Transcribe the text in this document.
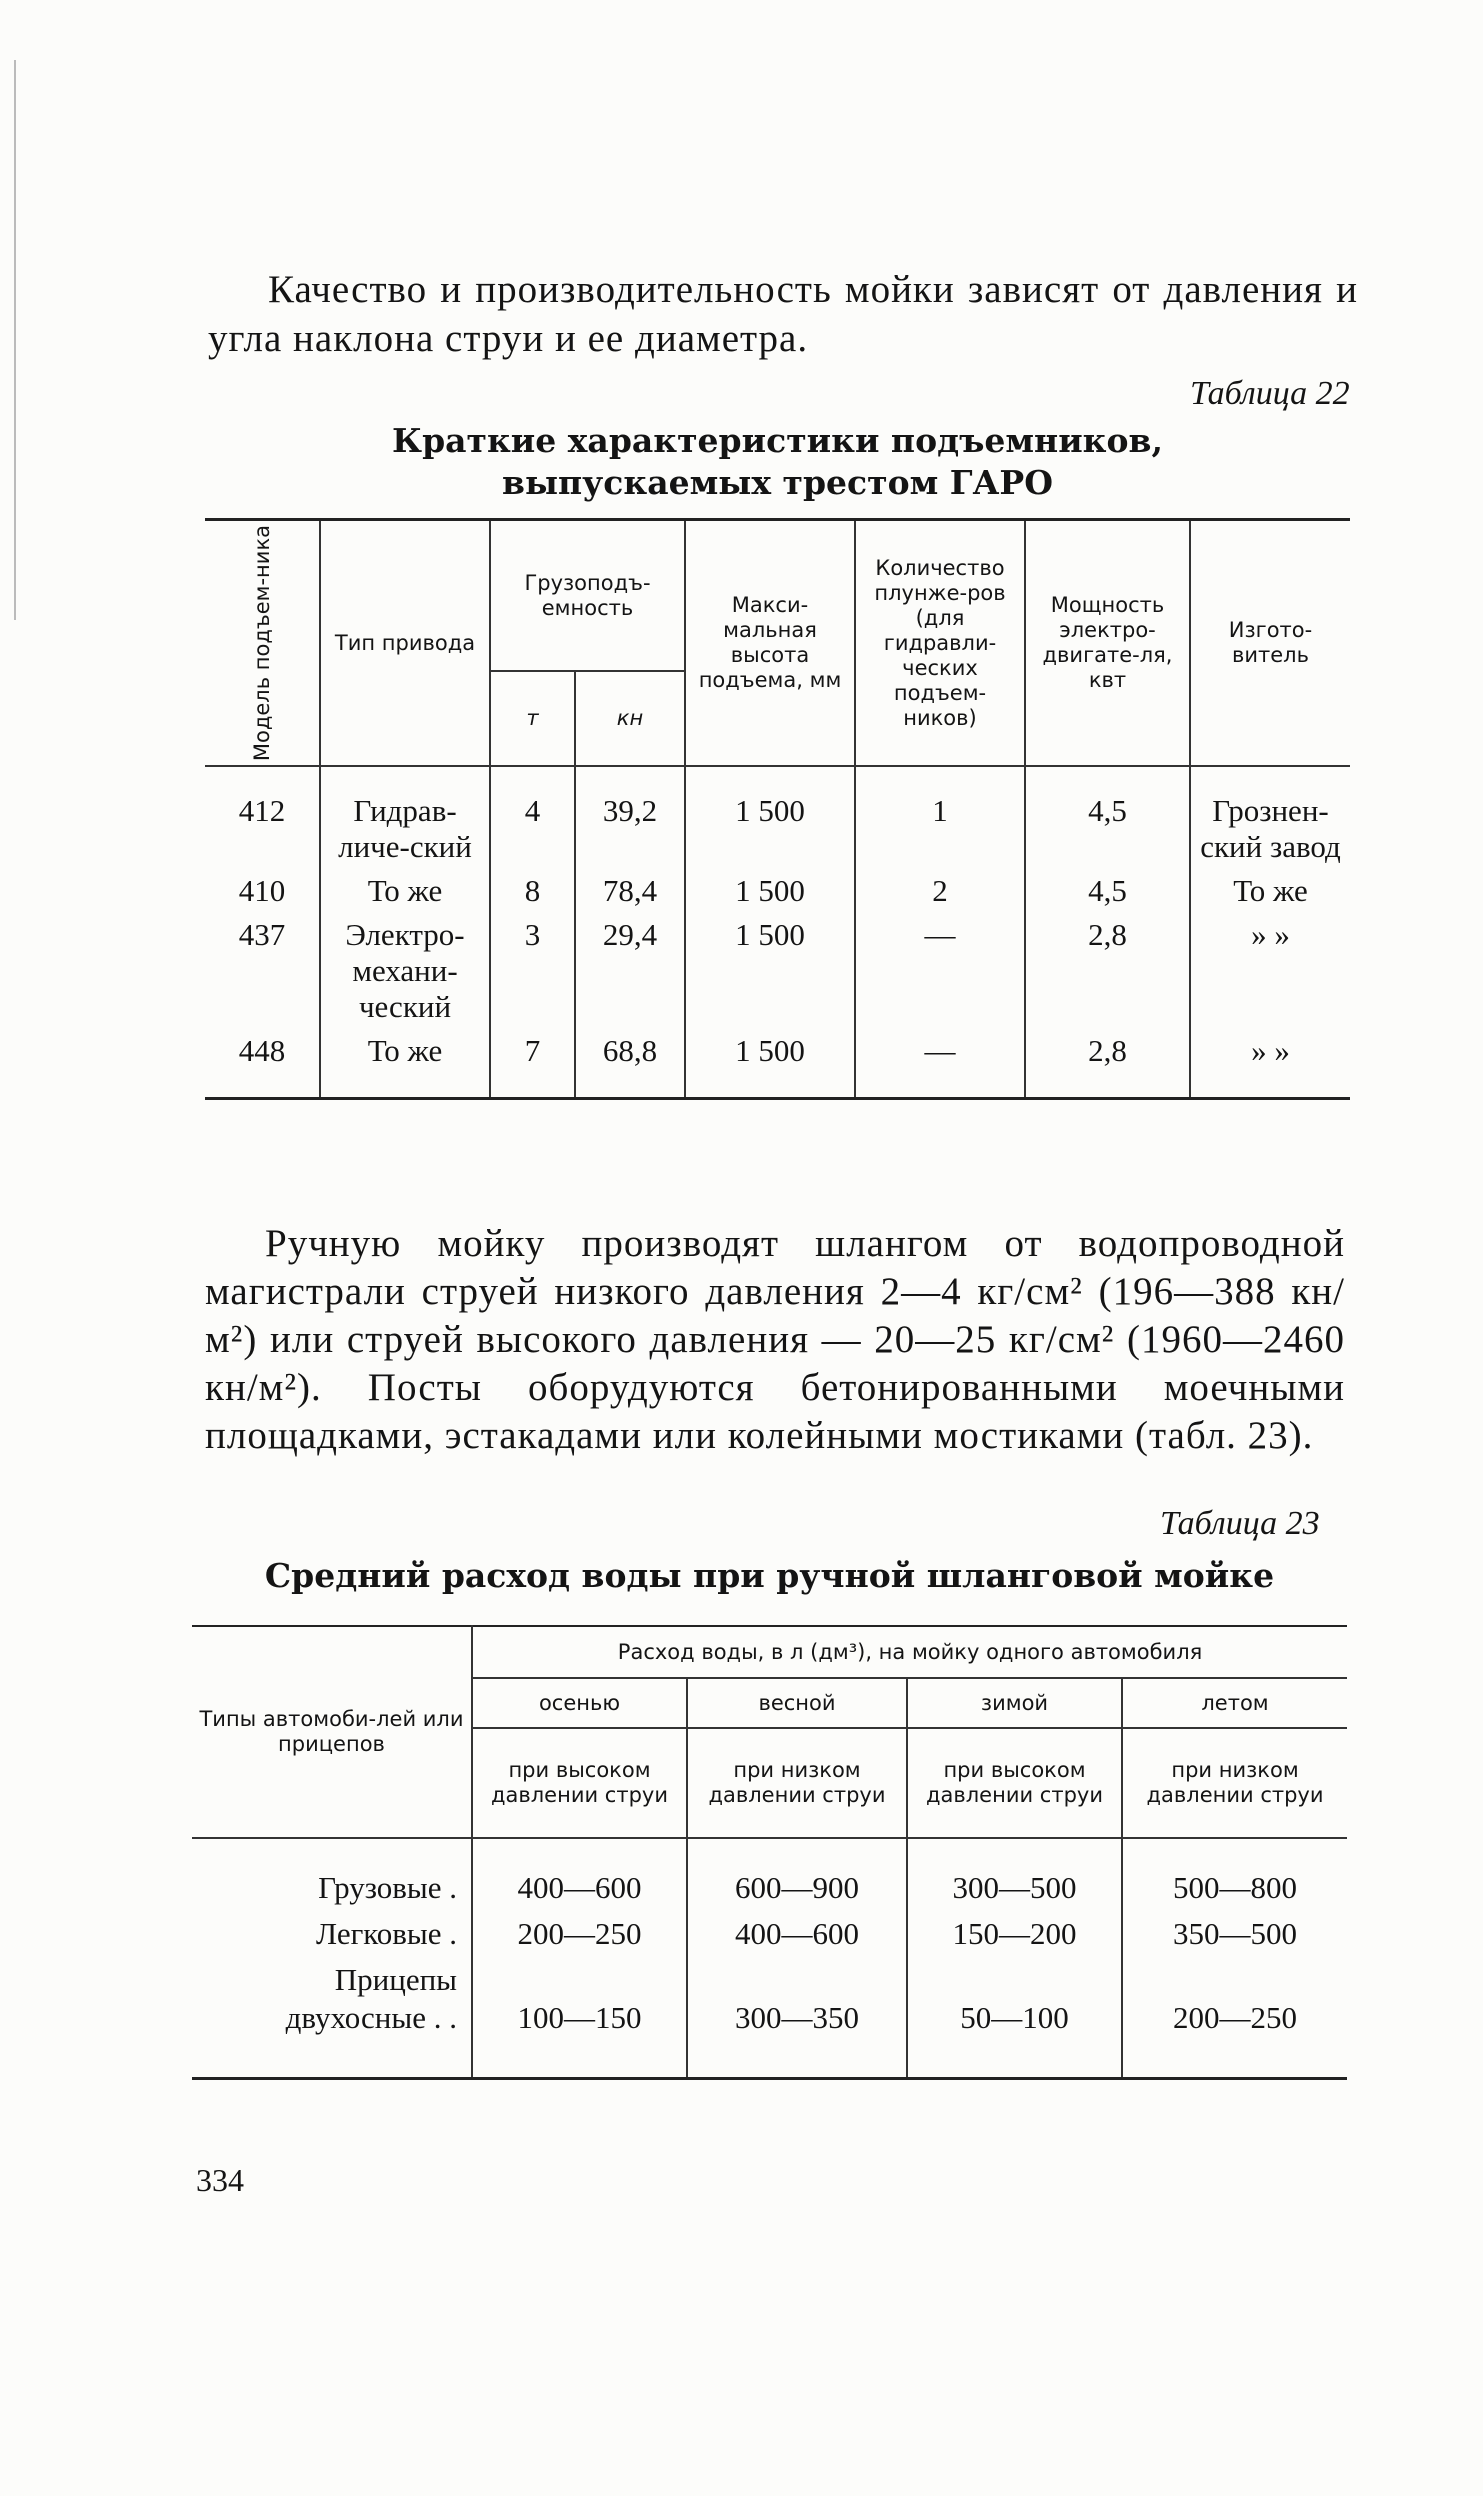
Качество и производительность мойки зависят от давления и угла наклона струи и ее диаметра.

Таблица 22
Краткие характеристики подъемников,
выпускаемых трестом ГАРО
Модель подъем-ника	Тип привода	Грузоподъ-емность		Макси-мальная высота подъема, мм	Количество плунже-ров (для гидравли-ческих подъем-ников)	Мощность электро-двигате-ля, квт	Изгото-витель
		т	кн				
412	Гидрав-личе-ский	4	39,2	1 500	1	4,5	Грознен-ский завод
410	То же	8	78,4	1 500	2	4,5	То же
437	Электро-механи-ческий	3	29,4	1 500	—	2,8	» »
448	То же	7	68,8	1 500	—	2,8	» »

Ручную мойку производят шлангом от водопроводной магистрали струей низкого давления 2—4 кг/см² (196—388 кн/м²) или струей высокого давления — 20—25 кг/см² (1960—2460 кн/м²). Посты оборудуются бетонированными моечными площадками, эстакадами или колейными мостиками (табл. 23).

Таблица 23
Средний расход воды при ручной шланговой мойке
Типы автомоби-лей или прицепов	Расход воды, в л (дм³), на мойку одного автомобиля			
	осенью	весной	зимой	летом
	при высоком давлении струи	при низком давлении струи	при высоком давлении струи	при низком давлении струи
Грузовые .	400—600	600—900	300—500	500—800
Легковые .	200—250	400—600	150—200	350—500
Прицепы двухосные . .	100—150	300—350	50—100	200—250
334
